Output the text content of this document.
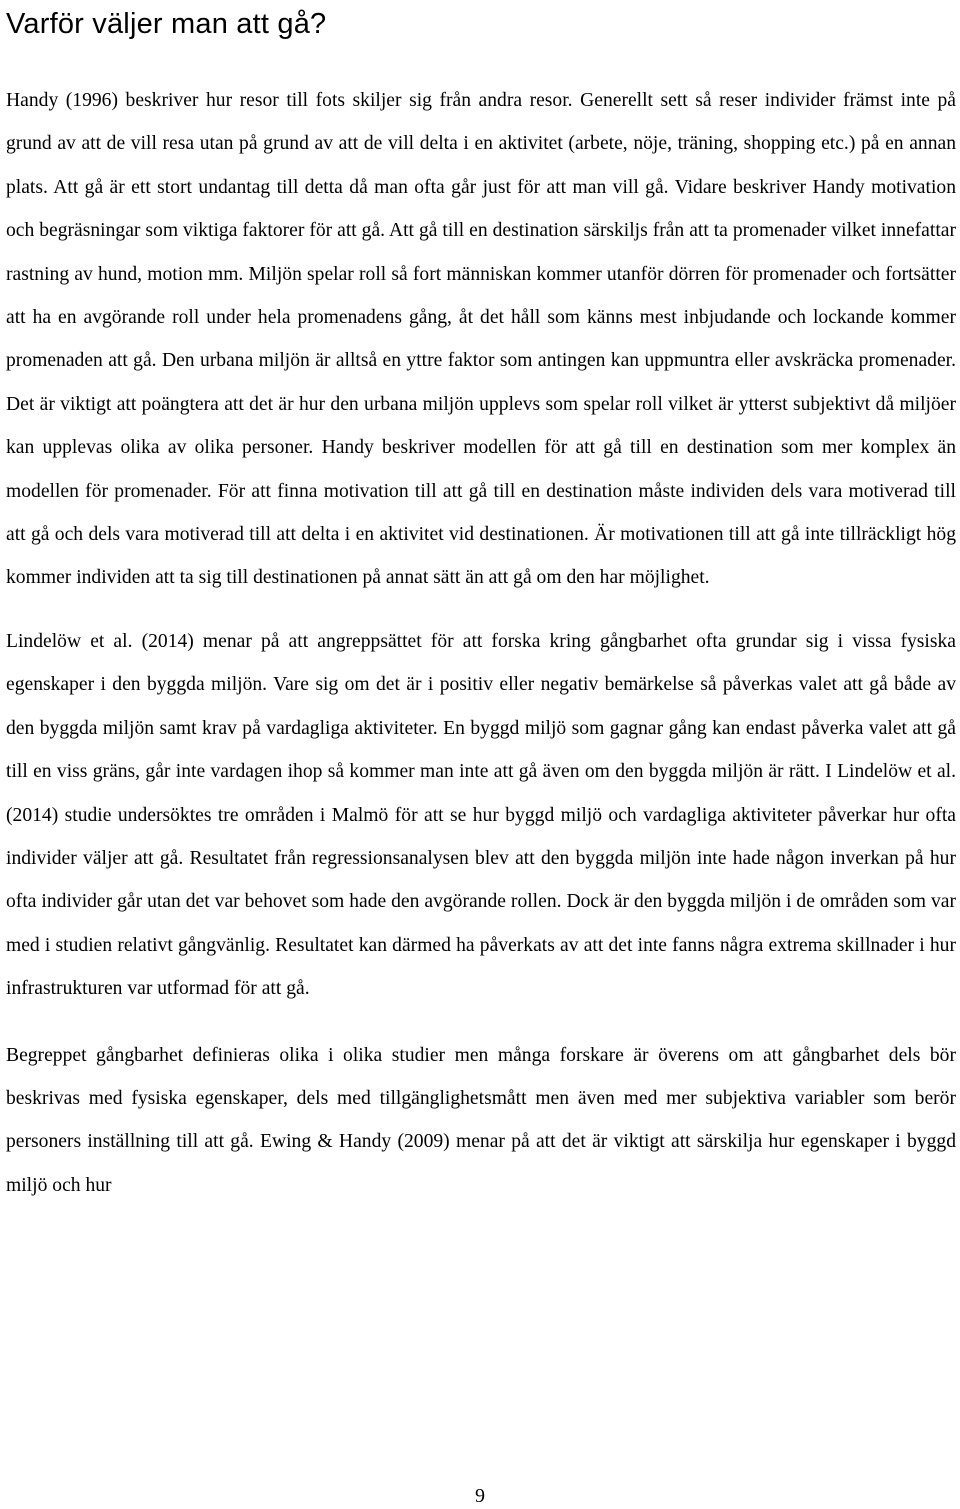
Varför väljer man att gå?

Handy (1996) beskriver hur resor till fots skiljer sig från andra resor. Generellt sett så reser individer främst inte på grund av att de vill resa utan på grund av att de vill delta i en aktivitet (arbete, nöje, träning, shopping etc.) på en annan plats. Att gå är ett stort undantag till detta då man ofta går just för att man vill gå. Vidare beskriver Handy motivation och begräsningar som viktiga faktorer för att gå. Att gå till en destination särskiljs från att ta promenader vilket innefattar rastning av hund, motion mm. Miljön spelar roll så fort människan kommer utanför dörren för promenader och fortsätter att ha en avgörande roll under hela promenadens gång, åt det håll som känns mest inbjudande och lockande kommer promenaden att gå. Den urbana miljön är alltså en yttre faktor som antingen kan uppmuntra eller avskräcka promenader. Det är viktigt att poängtera att det är hur den urbana miljön upplevs som spelar roll vilket är ytterst subjektivt då miljöer kan upplevas olika av olika personer. Handy beskriver modellen för att gå till en destination som mer komplex än modellen för promenader. För att finna motivation till att gå till en destination måste individen dels vara motiverad till att gå och dels vara motiverad till att delta i en aktivitet vid destinationen. Är motivationen till att gå inte tillräckligt hög kommer individen att ta sig till destinationen på annat sätt än att gå om den har möjlighet.

Lindelöw et al. (2014) menar på att angreppsättet för att forska kring gångbarhet ofta grundar sig i vissa fysiska egenskaper i den byggda miljön. Vare sig om det är i positiv eller negativ bemärkelse så påverkas valet att gå både av den byggda miljön samt krav på vardagliga aktiviteter. En byggd miljö som gagnar gång kan endast påverka valet att gå till en viss gräns, går inte vardagen ihop så kommer man inte att gå även om den byggda miljön är rätt. I Lindelöw et al. (2014) studie undersöktes tre områden i Malmö för att se hur byggd miljö och vardagliga aktiviteter påverkar hur ofta individer väljer att gå. Resultatet från regressionsanalysen blev att den byggda miljön inte hade någon inverkan på hur ofta individer går utan det var behovet som hade den avgörande rollen. Dock är den byggda miljön i de områden som var med i studien relativt gångvänlig. Resultatet kan därmed ha påverkats av att det inte fanns några extrema skillnader i hur infrastrukturen var utformad för att gå.

Begreppet gångbarhet definieras olika i olika studier men många forskare är överens om att gångbarhet dels bör beskrivas med fysiska egenskaper, dels med tillgänglighetsmått men även med mer subjektiva variabler som berör personers inställning till att gå. Ewing & Handy (2009) menar på att det är viktigt att särskilja hur egenskaper i byggd miljö och hur

9
